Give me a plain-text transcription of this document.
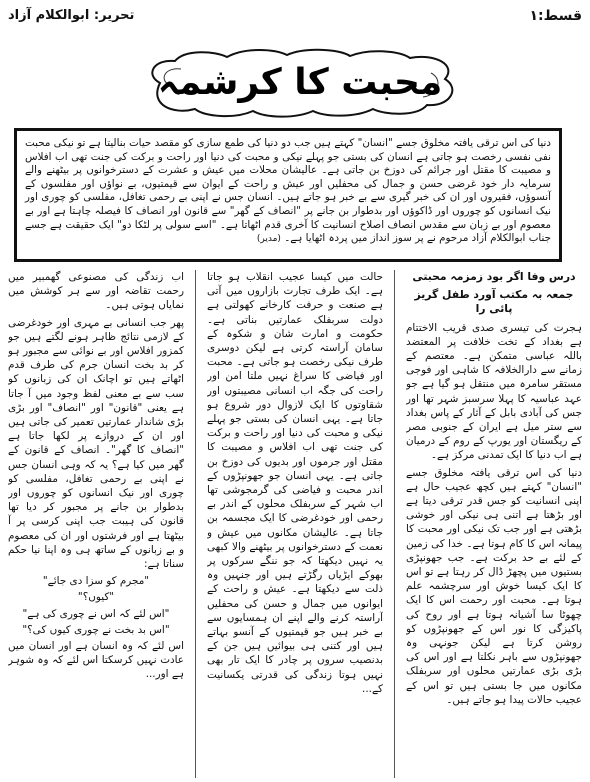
قسط:۱
تحریر: ابوالکلام آزاد
محبت کا کرشمہ
دنیا کی اس ترقی یافتہ مخلوق جسے "انسان" کہتے ہیں جب دو دنیا کی طمع سازی کو مقصد حیات بنالیتا ہے تو نیکی محبت نفی نفسی رخصت ہو جاتی ہے انسان کی بستی جو پہلے نیکی و محبت کی دنیا اور راحت و برکت کی جنت تھی اب افلاس و مصیبت کا مقتل اور جرائم کی دوزخ بن جاتی ہے۔ عالیشان محلات میں عیش و عشرت کے دسترخوانوں پر بیٹھنے والے سرمایہ دار خود غرضی حسن و جمال کی محفلیں اور عیش و راحت کے ایوان سے قیمتیوں، بے نواؤں اور مفلسوں کے آنسوؤں، فقیروں اور ان کی خبر گیری سے بے خبر ہو جاتے ہیں۔ انسان جس نے اپنی بے رحمی تغافل، مفلسی کو چوری اور نیک انسانوں کو چوروں اور ڈاکوؤں اور بدطوار بن جانے پر "انصاف کے گھر" سے قانون اور انصاف کا فیصلہ چاہتا ہے اور بے معصوم اور بے زبان سے مقدس انصاف اصلاح انسانیت کا آخری قدم اٹھاتا ہے۔ "اسے سولی پر لٹکا دو" ایک حقیقت ہے جسے جناب ابوالکلام آزاد مرحوم نے پر سوز انداز میں پردہ اٹھایا ہے۔ (مدیر)
درس وفا اگر بود زمزمہ محبتی
جمعہ بہ مکتب آورد طفل گریز پائی را

ہجرت کی تیسری صدی قریب الاختتام ہے بغداد کے تخت خلافت پر المعتضد باللہ عباسی متمکن ہے۔ معتصم کے زمانے سے دارالخلافہ کا شاہی اور فوجی مستقر سامرہ میں منتقل ہو گیا ہے جو عہد عباسیہ کا پہلا سرسبز شہر تھا اور جس کی آبادی بابل کے آثار کے پاس بغداد سے ستر میل ہے ایران کے جنوبی مصر کے ریگستان اور یورپ کے روم کے درمیان ہے اب دنیا کا ایک تمدنی مرکز ہے۔

دنیا کی اس ترقی یافتہ مخلوق جسے "انسان" کہتے ہیں کچھ عجیب حال ہے اپنی انسانیت کو جس قدر ترقی دیتا ہے اور بڑھتا ہے اتنی ہی نیکی اور خوشی بڑھتی ہے اور جب تک نیکی اور محبت کا پیمانہ اس کا کام ہوتا ہے۔ خدا کی زمین کے لئے بے حد برکت ہے۔ جب جھونپڑی بستیوں میں پچھڑ ڈال کر رہتا ہے تو اس کا ایک کیسا خوش اور سرچشمہ علم ہوتا ہے۔ محبت اور رحمت اس کا ایک چھوٹا سا آشیانہ ہوتا ہے اور روح کی پاکیزگی کا نور اس کے جھونپڑوں کو روشن کرتا ہے لیکن جونہی وہ جھونپڑوں سے باہر نکلتا ہے اور اس کی بڑی بڑی عمارتیں محلوں اور سربفلک مکانوں میں جا بستی ہیں تو اس کے عجیب حالات پیدا ہو جاتے ہیں۔

حالت میں کیسا عجیب انقلاب ہو جاتا ہے۔ ایک طرف تجارت بازاروں میں آتی ہے صنعت و حرفت کارخانے کھولتی ہے دولت سربفلک عمارتیں بناتی ہے۔ حکومت و امارت شان و شکوہ کے سامان آراستہ کرتی ہے لیکن دوسری طرف نیکی رخصت ہو جاتی ہے۔ محبت اور فیاضی کا سراغ نہیں ملتا امن اور راحت کی جگہ اب انسانی مصیبتوں اور شقاوتوں کا ایک لازوال دور شروع ہو جاتا ہے۔ یہی انسان کی بستی جو پہلے نیکی و محبت کی دنیا اور راحت و برکت کی جنت تھی اب افلاس و مصیبت کا مقتل اور جرموں اور بدیوں کی دوزخ بن جاتی ہے۔ یہی انسان جو جھونپڑوں کے اندر محبت و فیاضی کی گرمجوشی تھا اب شہر کے سربفلک محلوں کے اندر بے رحمی اور خودغرضی کا ایک مجسمہ بن جاتا ہے۔ عالیشان مکانوں میں عیش و نعمت کے دسترخوانوں پر بیٹھنے والا کبھی یہ نہیں دیکھتا کہ جو ننگے سرکوں پر بھوکے ایڑیاں رگڑتے ہیں اور جنہیں وہ ذلت سے دیکھتا ہے۔ عیش و راحت کے ایوانوں میں جمال و حسن کی محفلیں آراستہ کرنے والے اپنے ان ہمسایوں سے بے خبر ہیں جو قیمتیوں کے آنسو بہاتے ہیں اور کتنی ہی بیوائیں ہیں جن کے بدنصیب سروں پر چادر کا ایک تار بھی نہیں ہوتا زندگی کی قدرتی یکسانیت کے...

اب زندگی کی مصنوعی گھمبیر میں رحمت تقاضہ اور سے ہر کوشش میں نمایاں ہوتی ہیں۔

پھر جب انسانی بے مہری اور خودغرضی کے لازمی نتائج ظاہر ہونے لگتے ہیں جو کمزور افلاس اور بے نوائی سے مجبور ہو کر بد بخت انسان جرم کی طرف قدم اٹھاتے ہیں تو اچانک ان کی زبانوں کو سب سے بے معنی لفظ وجود میں آ جاتا ہے یعنی "قانون" اور "انصاف" اور بڑی بڑی شاندار عمارتیں تعمیر کی جاتی ہیں اور ان کے دروازے پر لکھا جاتا ہے "انصاف کا گھر"۔ انصاف کے قانون کے گھر میں کیا ہے؟ یہ کہ وہی انسان جس نے اپنی بے رحمی تغافل، مفلسی کو چوری اور نیک انسانوں کو چوروں اور بدطوار بن جانے پر مجبور کر دیا تھا قانون کی ہیبت جب اپنی کرسی پر آ بیٹھتا ہے اور فرشتوں اور ان کی معصوم و بے زبانوں کے ساتھ ہی وہ اپنا نیا حکم سناتا ہے:

"مجرم کو سزا دی جائے"

"کیوں؟"

"اس لئے کہ اس نے چوری کی ہے"

"اس بد بخت نے چوری کیوں کی؟"

اس لئے کہ وہ انسان ہے اور انسان میں عادت نہیں کرسکتا اس لئے کہ وہ شوہر ہے اور...
